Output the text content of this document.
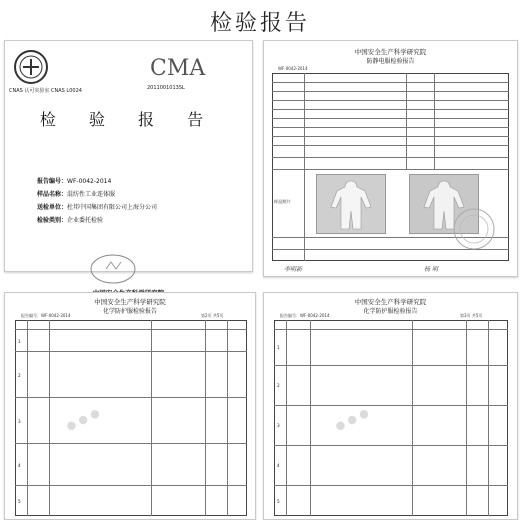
检验报告
CNAS 认可实验室 CNAS L0024
CMA
2011001013SL
检 验 报 告
报告编号：WF-0042-2014
样品名称：混纺性工业连体服
送检单位：杜邦中国集团有限公司上海分公司
检验类别：企业委托检验
中国安全生产科学研究院
防静电服检验报告
WF-0042-2014
样品照片
李明新	杨 明
中国安全生产科学研究院
化学防护服检验报告
报告编号：WF-0042-2014	第2页 共5页
1
2
3
4
5
● ● ●
中国安全生产科学研究院
化学防护服检验报告
报告编号：WF-0042-2014	第3页 共5页
1
2
3
4
5
● ● ●
